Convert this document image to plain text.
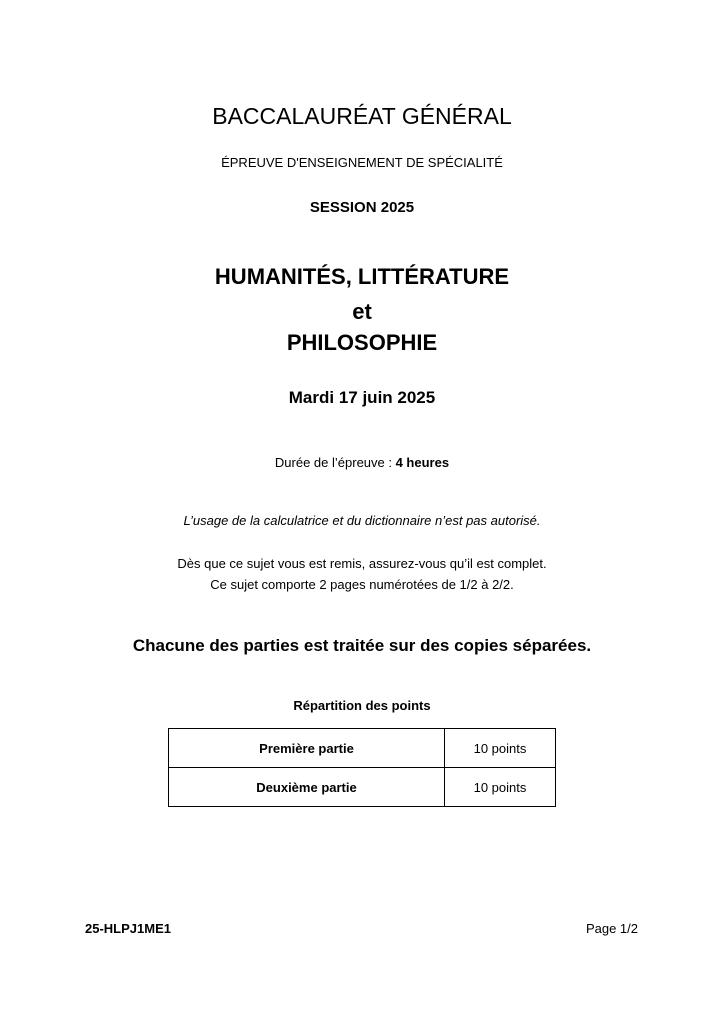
BACCALAURÉAT GÉNÉRAL
ÉPREUVE D'ENSEIGNEMENT DE SPÉCIALITÉ
SESSION 2025
HUMANITÉS, LITTÉRATURE
et
PHILOSOPHIE
Mardi 17 juin 2025
Durée de l’épreuve : 4 heures
L’usage de la calculatrice et du dictionnaire n’est pas autorisé.
Dès que ce sujet vous est remis, assurez-vous qu’il est complet.
Ce sujet comporte 2 pages numérotées de 1/2 à 2/2.
Chacune des parties est traitée sur des copies séparées.
Répartition des points
Première partie	10 points
Deuxième partie	10 points
25-HLPJ1ME1	Page 1/2
